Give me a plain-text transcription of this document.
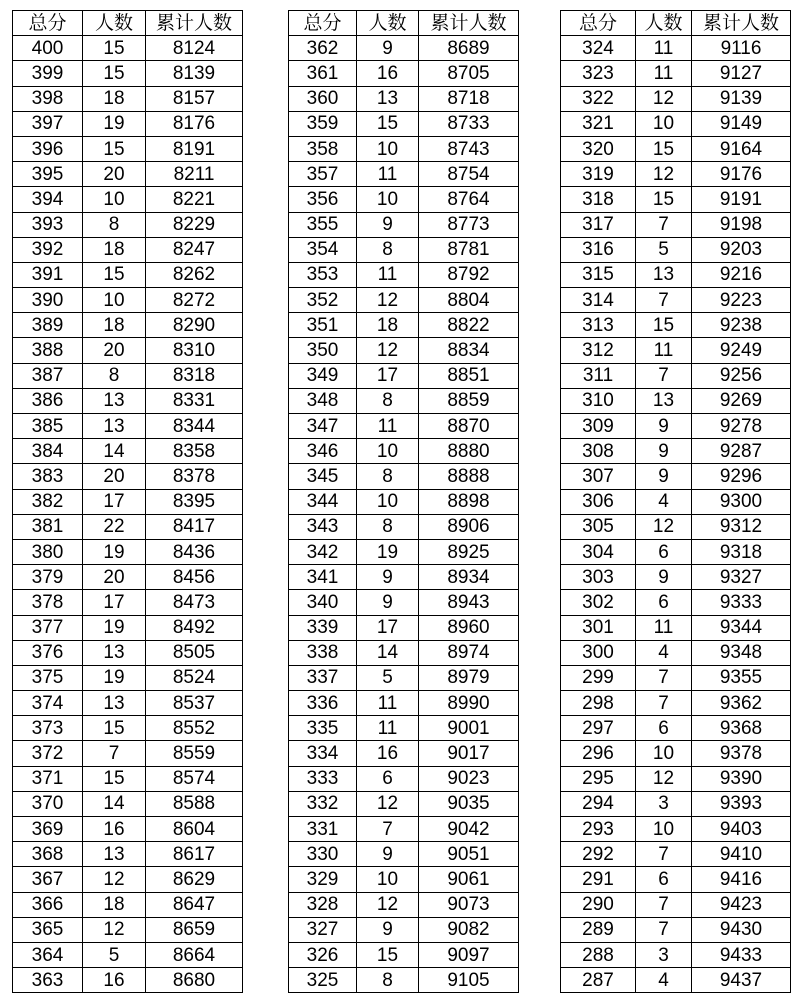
总分	人数	累计人数
400	15	8124
399	15	8139
398	18	8157
397	19	8176
396	15	8191
395	20	8211
394	10	8221
393	8	8229
392	18	8247
391	15	8262
390	10	8272
389	18	8290
388	20	8310
387	8	8318
386	13	8331
385	13	8344
384	14	8358
383	20	8378
382	17	8395
381	22	8417
380	19	8436
379	20	8456
378	17	8473
377	19	8492
376	13	8505
375	19	8524
374	13	8537
373	15	8552
372	7	8559
371	15	8574
370	14	8588
369	16	8604
368	13	8617
367	12	8629
366	18	8647
365	12	8659
364	5	8664
363	16	8680
总分	人数	累计人数
362	9	8689
361	16	8705
360	13	8718
359	15	8733
358	10	8743
357	11	8754
356	10	8764
355	9	8773
354	8	8781
353	11	8792
352	12	8804
351	18	8822
350	12	8834
349	17	8851
348	8	8859
347	11	8870
346	10	8880
345	8	8888
344	10	8898
343	8	8906
342	19	8925
341	9	8934
340	9	8943
339	17	8960
338	14	8974
337	5	8979
336	11	8990
335	11	9001
334	16	9017
333	6	9023
332	12	9035
331	7	9042
330	9	9051
329	10	9061
328	12	9073
327	9	9082
326	15	9097
325	8	9105
总分	人数	累计人数
324	11	9116
323	11	9127
322	12	9139
321	10	9149
320	15	9164
319	12	9176
318	15	9191
317	7	9198
316	5	9203
315	13	9216
314	7	9223
313	15	9238
312	11	9249
311	7	9256
310	13	9269
309	9	9278
308	9	9287
307	9	9296
306	4	9300
305	12	9312
304	6	9318
303	9	9327
302	6	9333
301	11	9344
300	4	9348
299	7	9355
298	7	9362
297	6	9368
296	10	9378
295	12	9390
294	3	9393
293	10	9403
292	7	9410
291	6	9416
290	7	9423
289	7	9430
288	3	9433
287	4	9437
